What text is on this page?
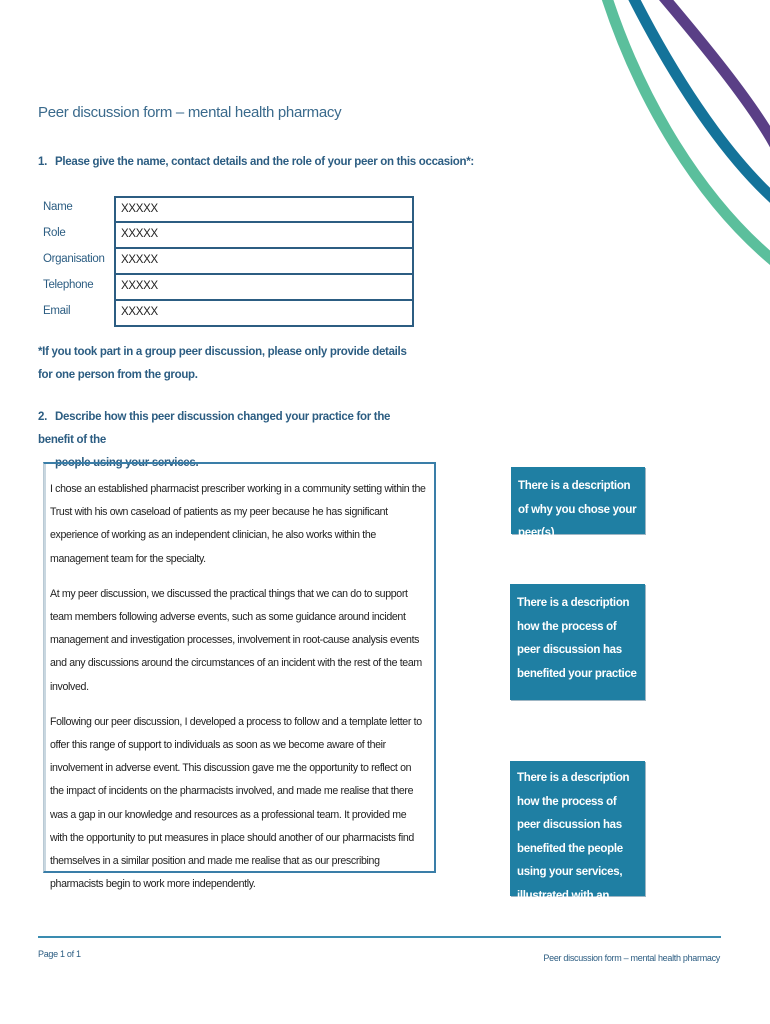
Peer discussion form – mental health pharmacy
1. Please give the name, contact details and the role of your peer on this occasion*:
Name	XXXXX
Role	XXXXX
Organisation	XXXXX
Telephone	XXXXX
Email	XXXXX
*If you took part in a group peer discussion, please only provide details for one person from the group.
2. Describe how this peer discussion changed your practice for the benefit of the
people using your services.

I chose an established pharmacist prescriber working in a community setting within the Trust with his own caseload of patients as my peer because he has significant experience of working as an independent clinician, he also works within the management team for the specialty.

At my peer discussion, we discussed the practical things that we can do to support team members following adverse events, such as some guidance around incident management and investigation processes, involvement in root-cause analysis events and any discussions around the circumstances of an incident with the rest of the team involved.

Following our peer discussion, I developed a process to follow and a template letter to offer this range of support to individuals as soon as we become aware of their involvement in adverse event. This discussion gave me the opportunity to reflect on the impact of incidents on the pharmacists involved, and made me realise that there was a gap in our knowledge and resources as a professional team. It provided me with the opportunity to put measures in place should another of our pharmacists find themselves in a similar position and made me realise that as our prescribing pharmacists begin to work more independently.

There is a description of why you chose your peer(s)
There is a description how the process of peer discussion has benefited your practice
There is a description how the process of peer discussion has benefited the people using your services, illustrated with an example
Page 1 of 1	Peer discussion form – mental health pharmacy
